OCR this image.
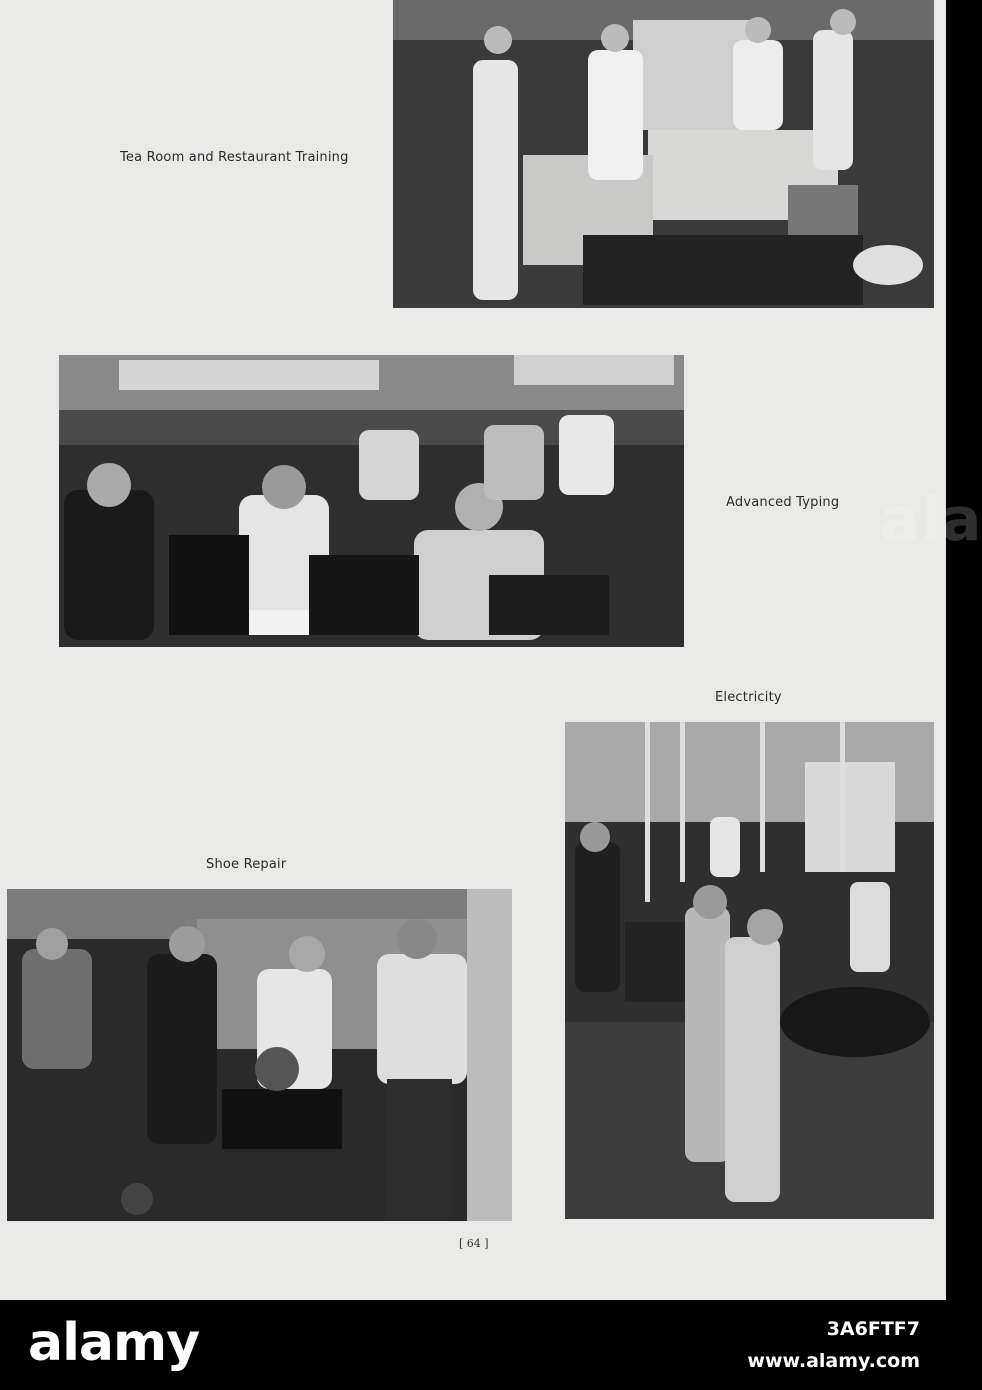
Tea Room and Restaurant Training
Advanced Typing
Electricity
Shoe Repair
[ 64 ]
ala
alamy	3A6FTF7
www.alamy.com
